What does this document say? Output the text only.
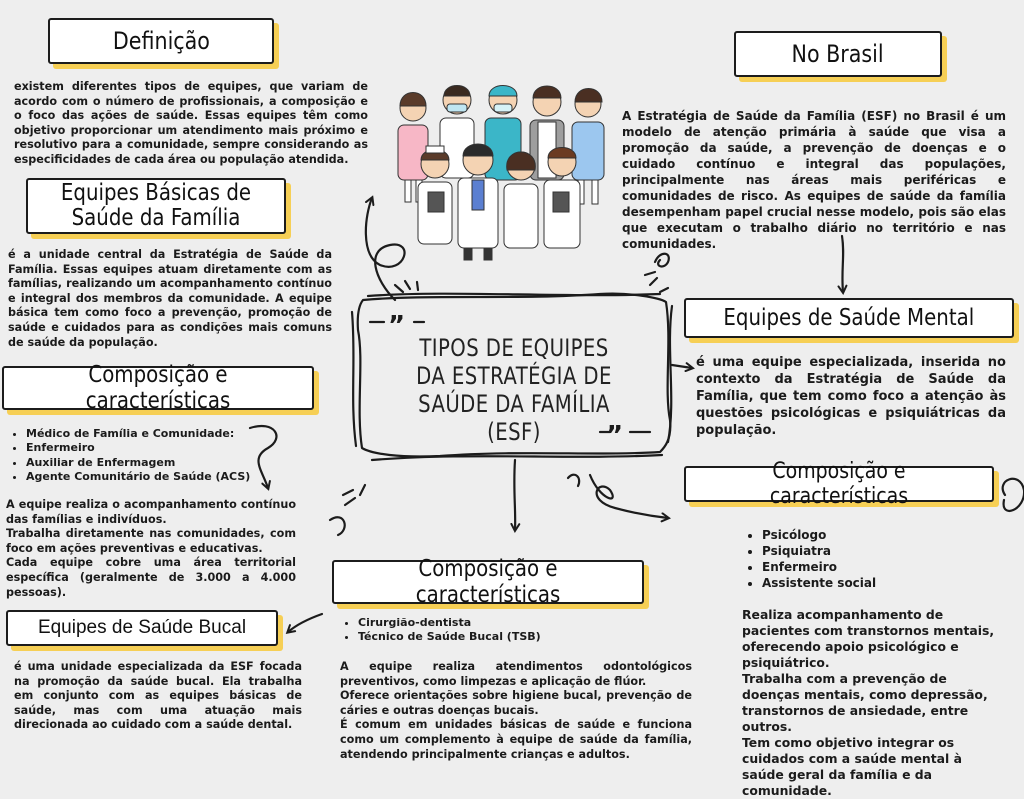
”
”
TIPOS DE EQUIPES DA ESTRATÉGIA DE SAÚDE DA FAMÍLIA (ESF)
Definição

existem diferentes tipos de equipes, que variam de acordo com o número de profissionais, a composição e o foco das ações de saúde. Essas equipes têm como objetivo proporcionar um atendimento mais próximo e resolutivo para a comunidade, sempre considerando as especificidades de cada área ou população atendida.

No Brasil

A Estratégia de Saúde da Família (ESF) no Brasil é um modelo de atenção primária à saúde que visa a promoção da saúde, a prevenção de doenças e o cuidado contínuo e integral das populações, principalmente nas áreas mais periféricas e comunidades de risco. As equipes de saúde da família desempenham papel crucial nesse modelo, pois são elas que executam o trabalho diário no território e nas comunidades.

Equipes Básicas de Saúde da Família

é a unidade central da Estratégia de Saúde da Família. Essas equipes atuam diretamente com as famílias, realizando um acompanhamento contínuo e integral dos membros da comunidade. A equipe básica tem como foco a prevenção, promoção de saúde e cuidados para as condições mais comuns de saúde da população.

Composição e características
• Médico de Família e Comunidade:
• Enfermeiro
• Auxiliar de Enfermagem
• Agente Comunitário de Saúde (ACS)

A equipe realiza o acompanhamento contínuo das famílias e indivíduos.

Trabalha diretamente nas comunidades, com foco em ações preventivas e educativas.

Cada equipe cobre uma área territorial específica (geralmente de 3.000 a 4.000 pessoas).

Equipes de Saúde Bucal

é uma unidade especializada da ESF focada na promoção da saúde bucal. Ela trabalha em conjunto com as equipes básicas de saúde, mas com uma atuação mais direcionada ao cuidado com a saúde dental.

Composição e características
• Cirurgião-dentista
• Técnico de Saúde Bucal (TSB)

A equipe realiza atendimentos odontológicos preventivos, como limpezas e aplicação de flúor.

Oferece orientações sobre higiene bucal, prevenção de cáries e outras doenças bucais.

É comum em unidades básicas de saúde e funciona como um complemento à equipe de saúde da família, atendendo principalmente crianças e adultos.

Equipes de Saúde Mental

é uma equipe especializada, inserida no contexto da Estratégia de Saúde da Família, que tem como foco a atenção às questões psicológicas e psiquiátricas da população.

Composição e características
• Psicólogo
• Psiquiatra
• Enfermeiro
• Assistente social

Realiza acompanhamento de pacientes com transtornos mentais, oferecendo apoio psicológico e psiquiátrico.

Trabalha com a prevenção de doenças mentais, como depressão, transtornos de ansiedade, entre outros.

Tem como objetivo integrar os cuidados com a saúde mental à saúde geral da família e da comunidade.
